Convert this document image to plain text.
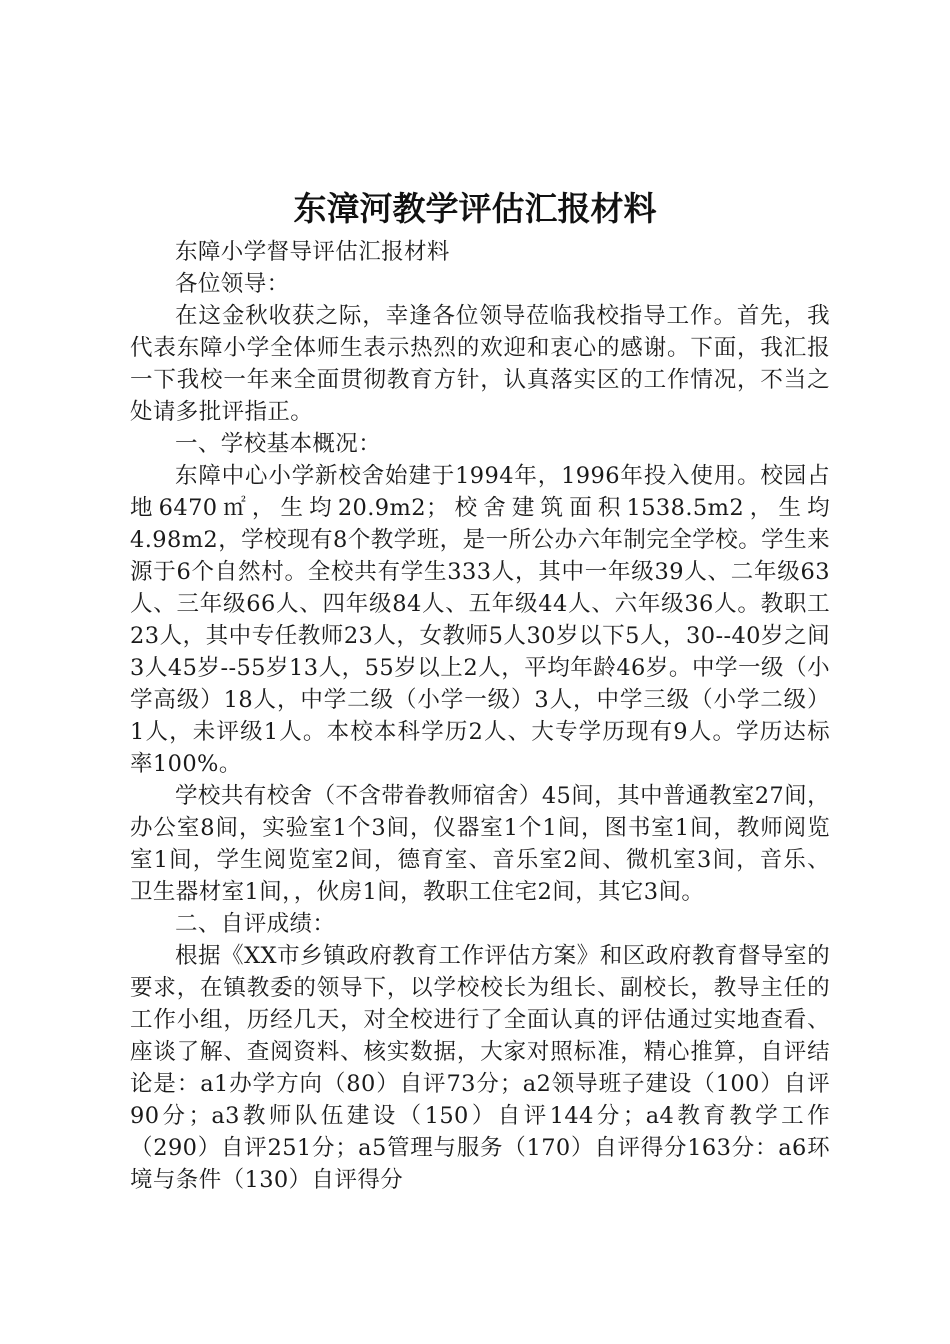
东漳河教学评估汇报材料

东障小学督导评估汇报材料

各位领导：

在这金秋收获之际，幸逢各位领导莅临我校指导工作。首先，我代表东障小学全体师生表示热烈的欢迎和衷心的感谢。下面，我汇报一下我校一年来全面贯彻教育方针，认真落实区的工作情况，不当之处请多批评指正。

一、学校基本概况：

东障中心小学新校舍始建于1994年，1996年投入使用。校园占地6470㎡，生均20.9m2；校舍建筑面积1538.5m2，生均4.98m2，学校现有8个教学班，是一所公办六年制完全学校。学生来源于6个自然村。全校共有学生333人，其中一年级39人、二年级63人、三年级66人、四年级84人、五年级44人、六年级36人。教职工23人，其中专任教师23人，女教师5人30岁以下5人，30--40岁之间3人45岁--55岁13人，55岁以上2人，平均年龄46岁。中学一级（小学高级）18人，中学二级（小学一级）3人，中学三级（小学二级）1人，未评级1人。本校本科学历2人、大专学历现有9人。学历达标率100%。

学校共有校舍（不含带眷教师宿舍）45间，其中普通教室27间，办公室8间，实验室1个3间，仪器室1个1间，图书室1间，教师阅览室1间，学生阅览室2间，德育室、音乐室2间、微机室3间，音乐、卫生器材室1间，，伙房1间，教职工住宅2间，其它3间。

二、自评成绩：

根据《XX市乡镇政府教育工作评估方案》和区政府教育督导室的要求，在镇教委的领导下，以学校校长为组长、副校长，教导主任的工作小组，历经几天，对全校进行了全面认真的评估通过实地查看、座谈了解、查阅资料、核实数据，大家对照标准，精心推算，自评结论是：a1办学方向（80）自评73分；a2领导班子建设（100）自评90分；a3教师队伍建设（150）自评144分；a4教育教学工作（290）自评251分；a5管理与服务（170）自评得分163分：a6环境与条件（130）自评得分
